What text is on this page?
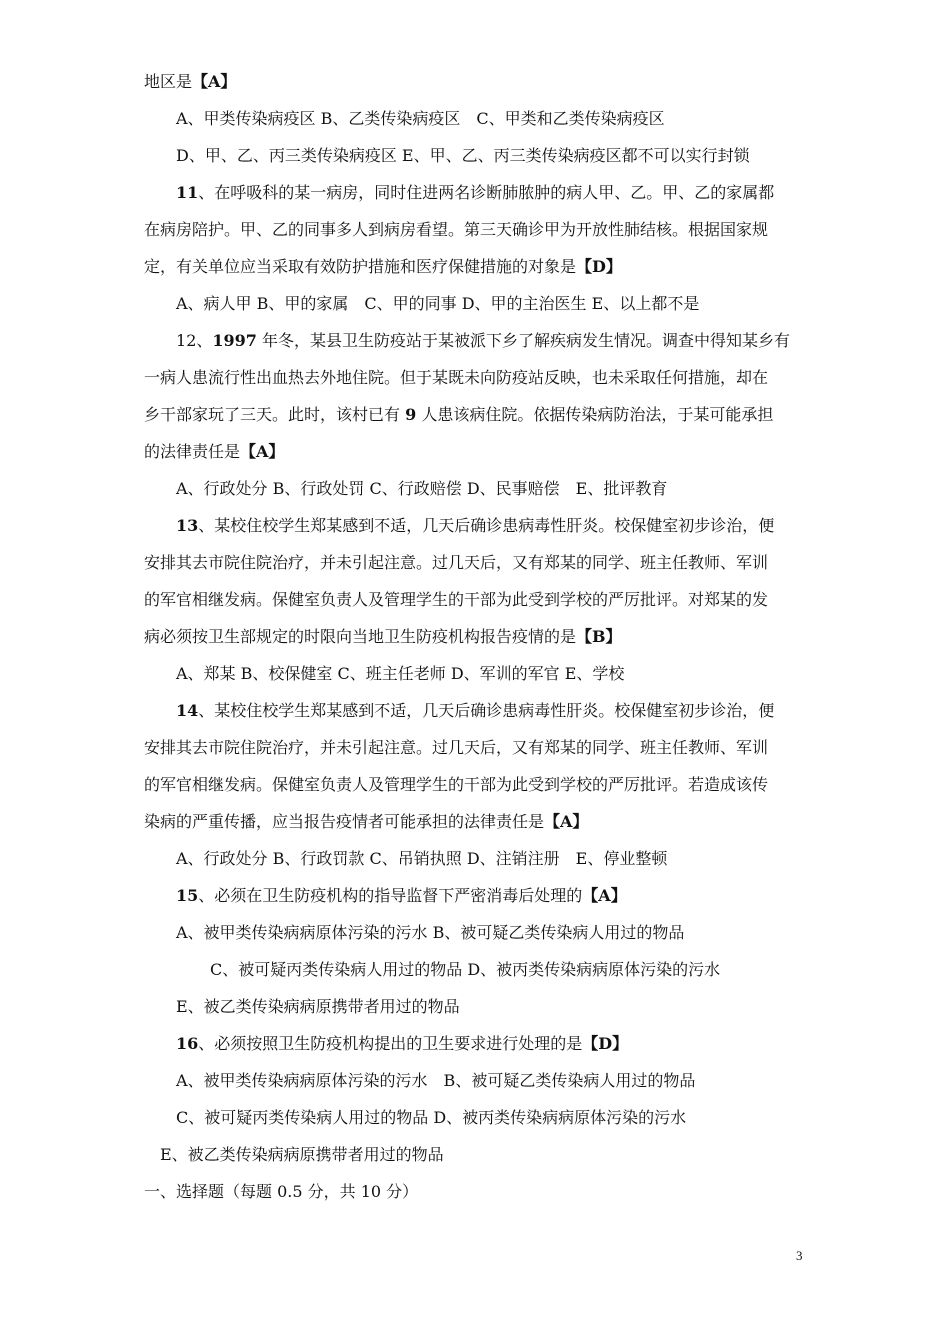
地区是【A】
A、甲类传染病疫区 B、乙类传染病疫区　C、甲类和乙类传染病疫区
D、甲、乙、丙三类传染病疫区 E、甲、乙、丙三类传染病疫区都不可以实行封锁
11、在呼吸科的某一病房，同时住进两名诊断肺脓肿的病人甲、乙。甲、乙的家属都
在病房陪护。甲、乙的同事多人到病房看望。第三天确诊甲为开放性肺结核。根据国家规
定，有关单位应当采取有效防护措施和医疗保健措施的对象是【D】
A、病人甲 B、甲的家属　C、甲的同事 D、甲的主治医生 E、以上都不是
12、1997 年冬，某县卫生防疫站于某被派下乡了解疾病发生情况。调查中得知某乡有
一病人患流行性出血热去外地住院。但于某既未向防疫站反映，也未采取任何措施，却在
乡干部家玩了三天。此时，该村已有 9 人患该病住院。依据传染病防治法，于某可能承担
的法律责任是【A】
A、行政处分 B、行政处罚 C、行政赔偿 D、民事赔偿　E、批评教育
13、某校住校学生郑某感到不适，几天后确诊患病毒性肝炎。校保健室初步诊治，便
安排其去市院住院治疗，并未引起注意。过几天后，又有郑某的同学、班主任教师、军训
的军官相继发病。保健室负责人及管理学生的干部为此受到学校的严厉批评。对郑某的发
病必须按卫生部规定的时限向当地卫生防疫机构报告疫情的是【B】
A、郑某 B、校保健室 C、班主任老师 D、军训的军官 E、学校
14、某校住校学生郑某感到不适，几天后确诊患病毒性肝炎。校保健室初步诊治，便
安排其去市院住院治疗，并未引起注意。过几天后，又有郑某的同学、班主任教师、军训
的军官相继发病。保健室负责人及管理学生的干部为此受到学校的严厉批评。若造成该传
染病的严重传播，应当报告疫情者可能承担的法律责任是【A】
A、行政处分 B、行政罚款 C、吊销执照 D、注销注册　E、停业整顿
15、必须在卫生防疫机构的指导监督下严密消毒后处理的【A】
A、被甲类传染病病原体污染的污水 B、被可疑乙类传染病人用过的物品
C、被可疑丙类传染病人用过的物品 D、被丙类传染病病原体污染的污水
E、被乙类传染病病原携带者用过的物品
16、必须按照卫生防疫机构提出的卫生要求进行处理的是【D】
A、被甲类传染病病原体污染的污水　B、被可疑乙类传染病人用过的物品
C、被可疑丙类传染病人用过的物品 D、被丙类传染病病原体污染的污水
E、被乙类传染病病原携带者用过的物品
一、选择题（每题 0.5 分，共 10 分）
3
